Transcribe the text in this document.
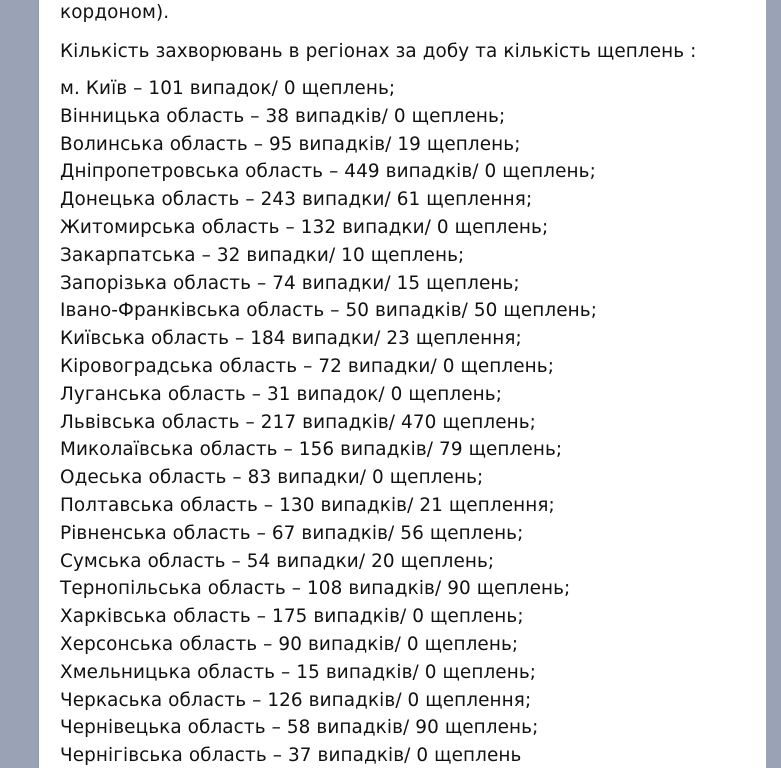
кордоном).
Кількість захворювань в регіонах за добу та кількість щеплень :
м. Київ – 101 випадок/ 0 щеплень;
Вінницька область – 38 випадків/ 0 щеплень;
Волинська область – 95 випадків/ 19 щеплень;
Дніпропетровська область – 449 випадків/ 0 щеплень;
Донецька область – 243 випадки/ 61 щеплення;
Житомирська область – 132 випадки/ 0 щеплень;
Закарпатська – 32 випадки/ 10 щеплень;
Запорізька область – 74 випадки/ 15 щеплень;
Івано-Франківська область – 50 випадків/ 50 щеплень;
Київська область – 184 випадки/ 23 щеплення;
Кіровоградська область – 72 випадки/ 0 щеплень;
Луганська область – 31 випадок/ 0 щеплень;
Львівська область – 217 випадків/ 470 щеплень;
Миколаївська область – 156 випадків/ 79 щеплень;
Одеська область – 83 випадки/ 0 щеплень;
Полтавська область – 130 випадків/ 21 щеплення;
Рівненська область – 67 випадків/ 56 щеплень;
Сумська область – 54 випадки/ 20 щеплень;
Тернопільська область – 108 випадків/ 90 щеплень;
Харківська область – 175 випадків/ 0 щеплень;
Херсонська область – 90 випадків/ 0 щеплень;
Хмельницька область – 15 випадків/ 0 щеплень;
Черкаська область – 126 випадків/ 0 щеплення;
Чернівецька область – 58 випадків/ 90 щеплень;
Чернігівська область – 37 випадків/ 0 щеплень
